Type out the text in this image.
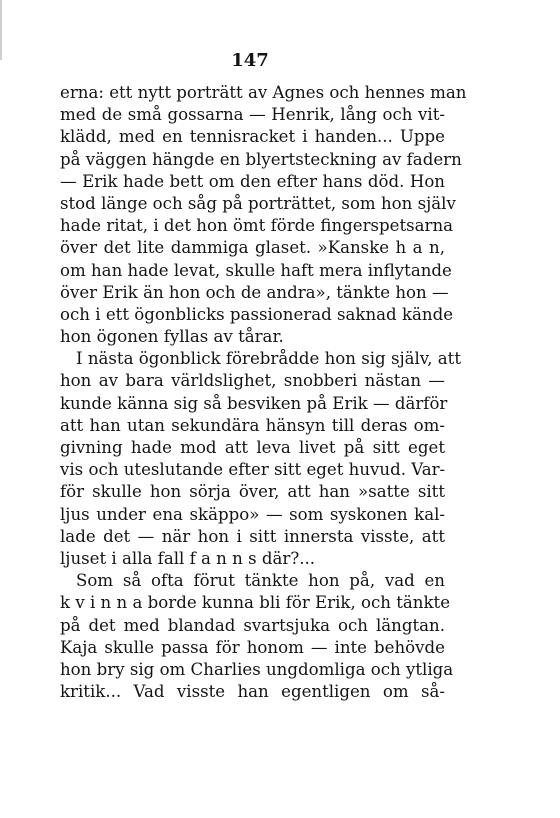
147
erna: ett nytt porträtt av Agnes och hennes man
med de små gossarna — Henrik, lång och vit-
klädd, med en tennisracket i handen... Uppe
på väggen hängde en blyertsteckning av fadern
— Erik hade bett om den efter hans död. Hon
stod länge och såg på porträttet, som hon själv
hade ritat, i det hon ömt förde fingerspetsarna
över det lite dammiga glaset. »Kanske h a n,
om han hade levat, skulle haft mera inflytande
över Erik än hon och de andra», tänkte hon —
och i ett ögonblicks passionerad saknad kände
hon ögonen fyllas av tårar.
I nästa ögonblick förebrådde hon sig själv, att
hon av bara världslighet, snobberi nästan —
kunde känna sig så besviken på Erik — därför
att han utan sekundära hänsyn till deras om-
givning hade mod att leva livet på sitt eget
vis och uteslutande efter sitt eget huvud. Var-
för skulle hon sörja över, att han »satte sitt
ljus under ena skäppo» — som syskonen kal-
lade det — när hon i sitt innersta visste, att
ljuset i alla fall f a n n s där?...
Som så ofta förut tänkte hon på, vad en
k v i n n a borde kunna bli för Erik, och tänkte
på det med blandad svartsjuka och längtan.
Kaja skulle passa för honom — inte behövde
hon bry sig om Charlies ungdomliga och ytliga
kritik... Vad visste han egentligen om så-
